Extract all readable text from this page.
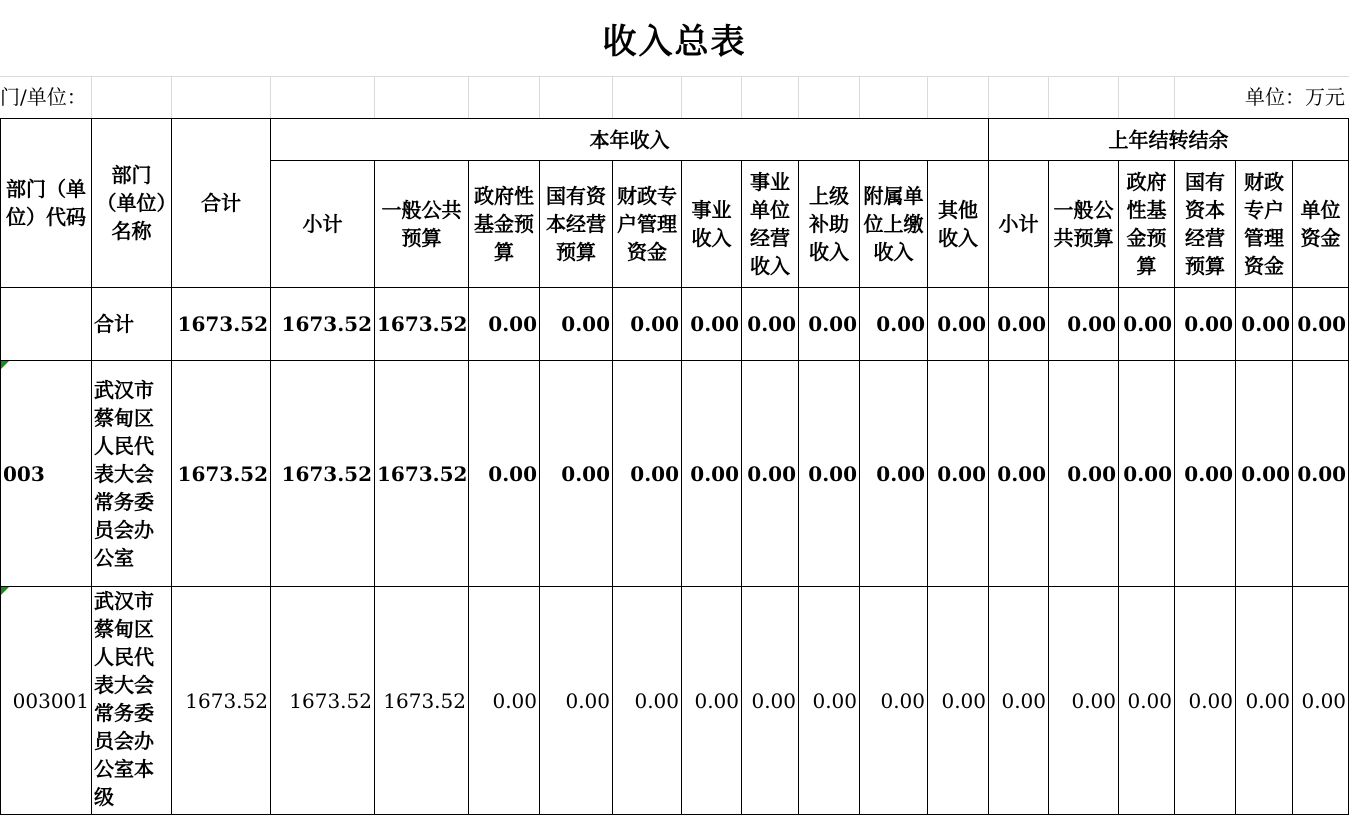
收入总表
门/单位：	单位：万元
部门（单位）代码	部门（单位）名称	合计	本年收入										上年结转结余					
			小计	一般公共预算	政府性基金预算	国有资本经营预算	财政专户管理资金	事业收入	事业单位经营收入	上级补助收入	附属单位上缴收入	其他收入	小计	一般公共预算	政府性基金预算	国有资本经营预算	财政专户管理资金	单位资金
	合计	1673.52	1673.52	1673.52	0.00	0.00	0.00	0.00	0.00	0.00	0.00	0.00	0.00	0.00	0.00	0.00	0.00	0.00

003	武汉市蔡甸区人民代表大会常务委员会办公室	1673.52	1673.52	1673.52	0.00	0.00	0.00	0.00	0.00	0.00	0.00	0.00	0.00	0.00	0.00	0.00	0.00	0.00

003001	武汉市蔡甸区人民代表大会常务委员会办公室本级	1673.52	1673.52	1673.52	0.00	0.00	0.00	0.00	0.00	0.00	0.00	0.00	0.00	0.00	0.00	0.00	0.00	0.00
